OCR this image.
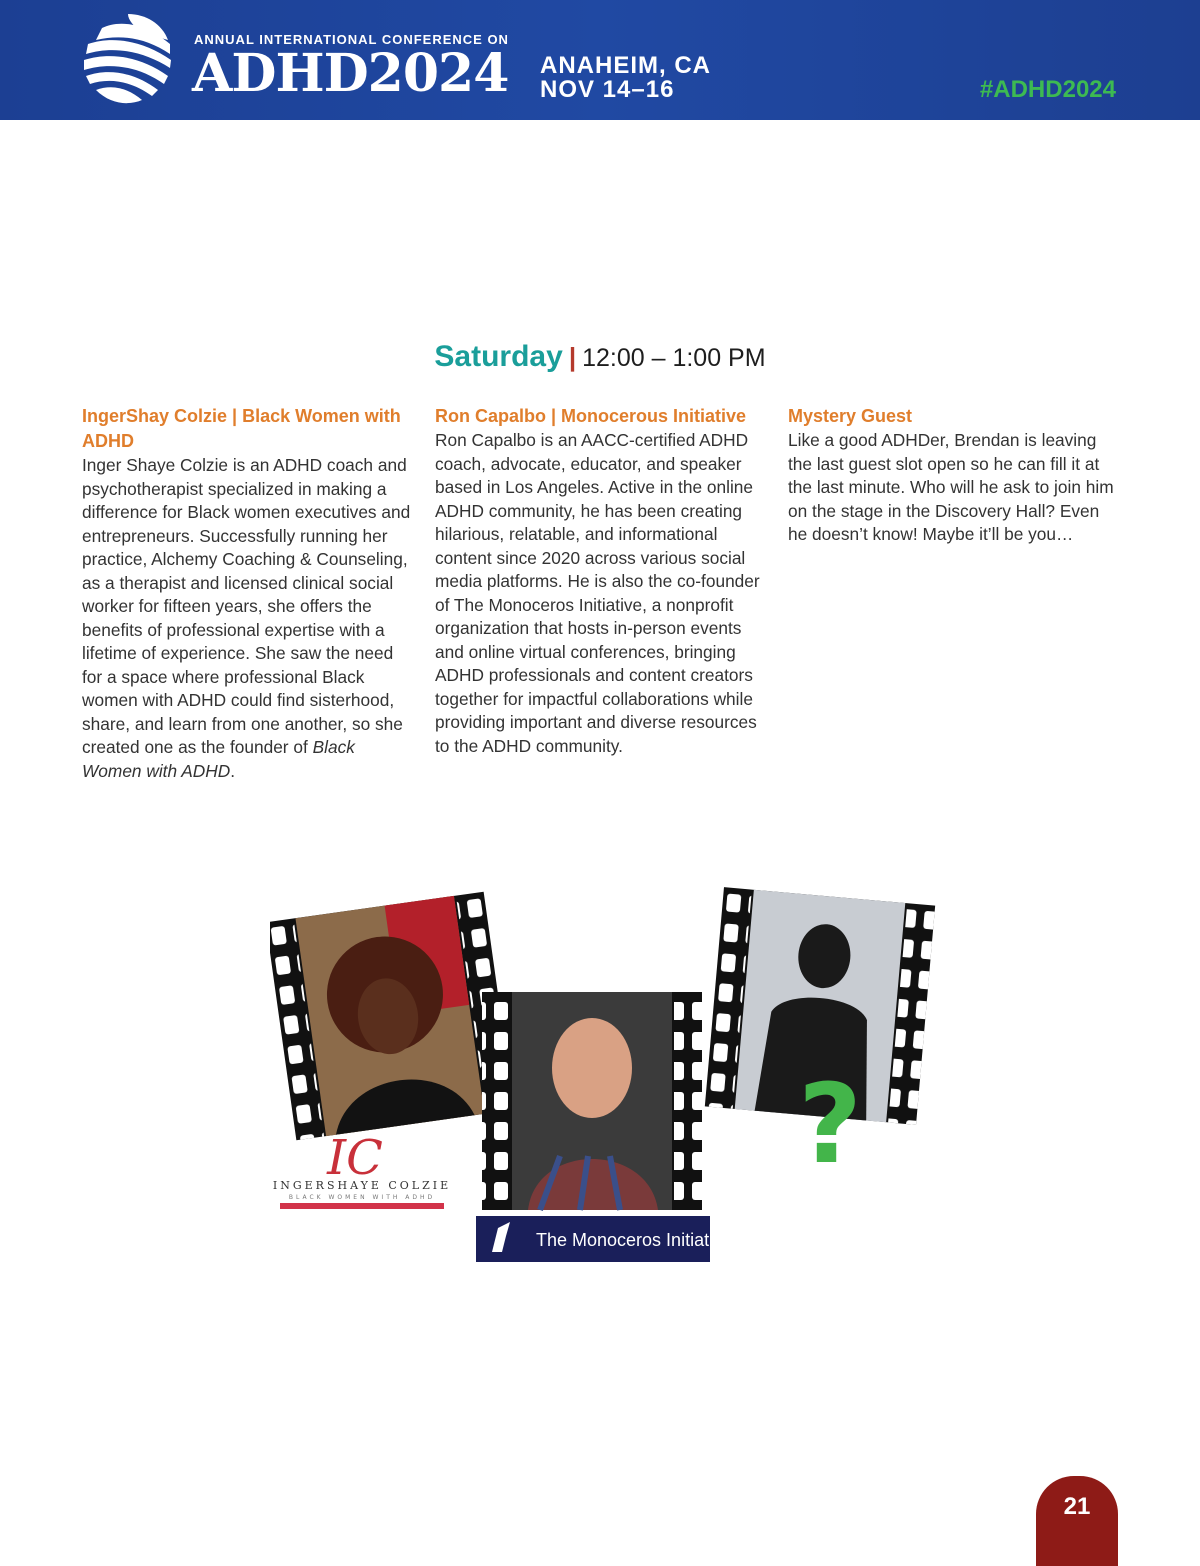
ANNUAL INTERNATIONAL CONFERENCE ON
ADHD2024 ANAHEIM, CA
NOV 14–16	#ADHD2024
Saturday | 12:00 – 1:00 PM
IngerShay Colzie | Black Women with ADHD

Inger Shaye Colzie is an ADHD coach and psychotherapist specialized in making a difference for Black women executives and entrepreneurs. Successfully running her practice, Alchemy Coaching & Counseling, as a therapist and licensed clinical social worker for fifteen years, she offers the benefits of professional expertise with a lifetime of experience. She saw the need for a space where professional Black women with ADHD could find sisterhood, share, and learn from one another, so she created one as the founder of Black Women with ADHD.

Ron Capalbo | Monocerous Initiative

Ron Capalbo is an AACC-certified ADHD coach, advocate, educator, and speaker based in Los Angeles. Active in the online ADHD community, he has been creating hilarious, relatable, and informational content since 2020 across various social media platforms. He is also the co-founder of The Monoceros Initiative, a nonprofit organization that hosts in-person events and online virtual conferences, bringing ADHD professionals and content creators together for impactful collaborations while providing important and diverse resources to the ADHD community.

Mystery Guest

Like a good ADHDer, Brendan is leaving the last guest slot open so he can fill it at the last minute. Who will he ask to join him on the stage in the Discovery Hall? Even he doesn’t know! Maybe it’ll be you…

IC
INGERSHAYE COLZIE
BLACK WOMEN WITH ADHD
?
The Monoceros Initiative
21
